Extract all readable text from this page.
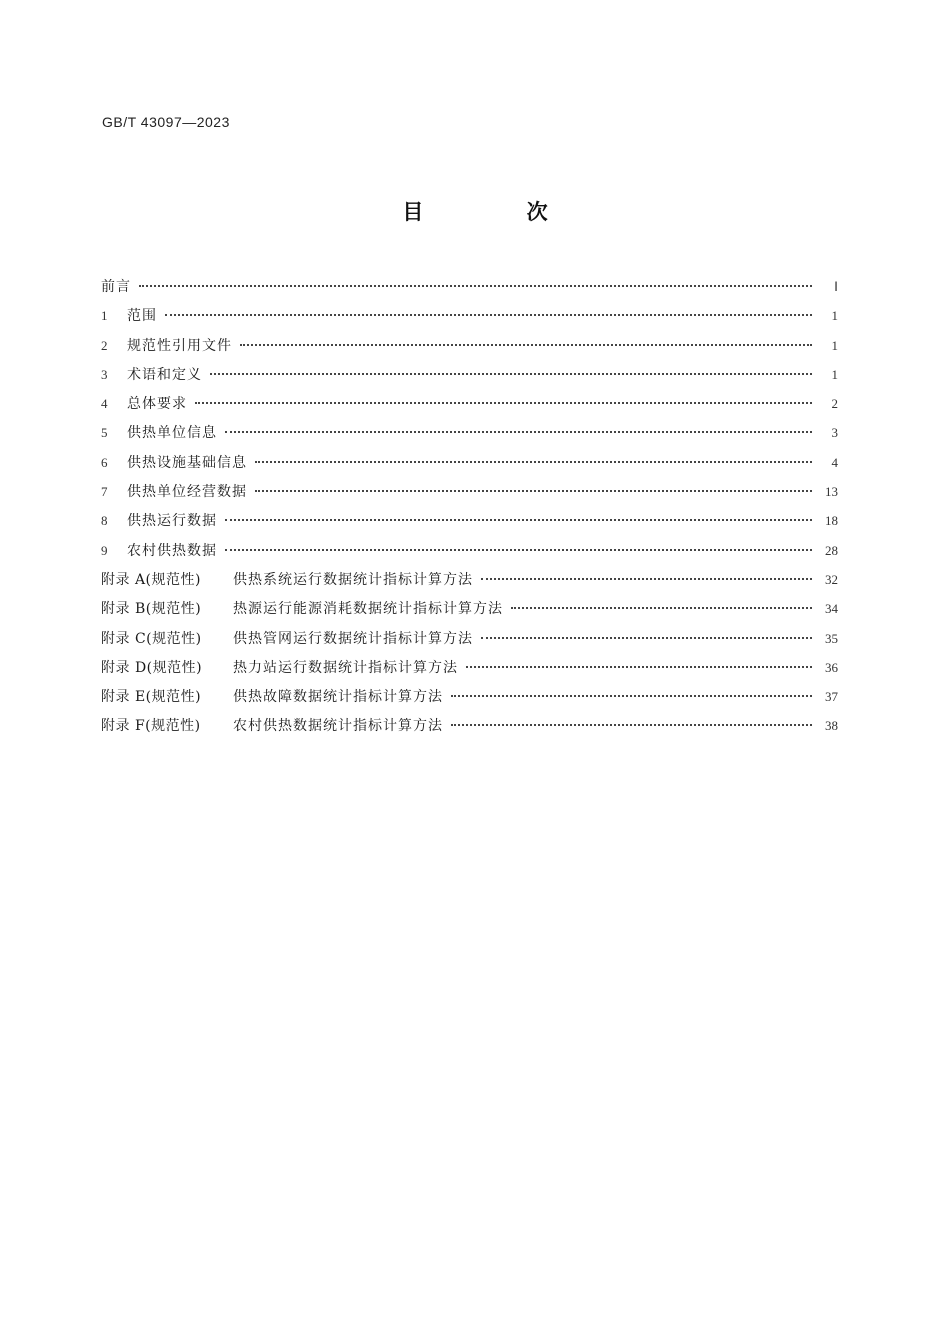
GB/T 43097—2023
目 次
前言	Ⅰ
1	范围	1
2	规范性引用文件	1
3	术语和定义	1
4	总体要求	2
5	供热单位信息	3
6	供热设施基础信息	4
7	供热单位经营数据	13
8	供热运行数据	18
9	农村供热数据	28
附录 A(规范性)	供热系统运行数据统计指标计算方法	32
附录 B(规范性)	热源运行能源消耗数据统计指标计算方法	34
附录 C(规范性)	供热管网运行数据统计指标计算方法	35
附录 D(规范性)	热力站运行数据统计指标计算方法	36
附录 E(规范性)	供热故障数据统计指标计算方法	37
附录 F(规范性)	农村供热数据统计指标计算方法	38
